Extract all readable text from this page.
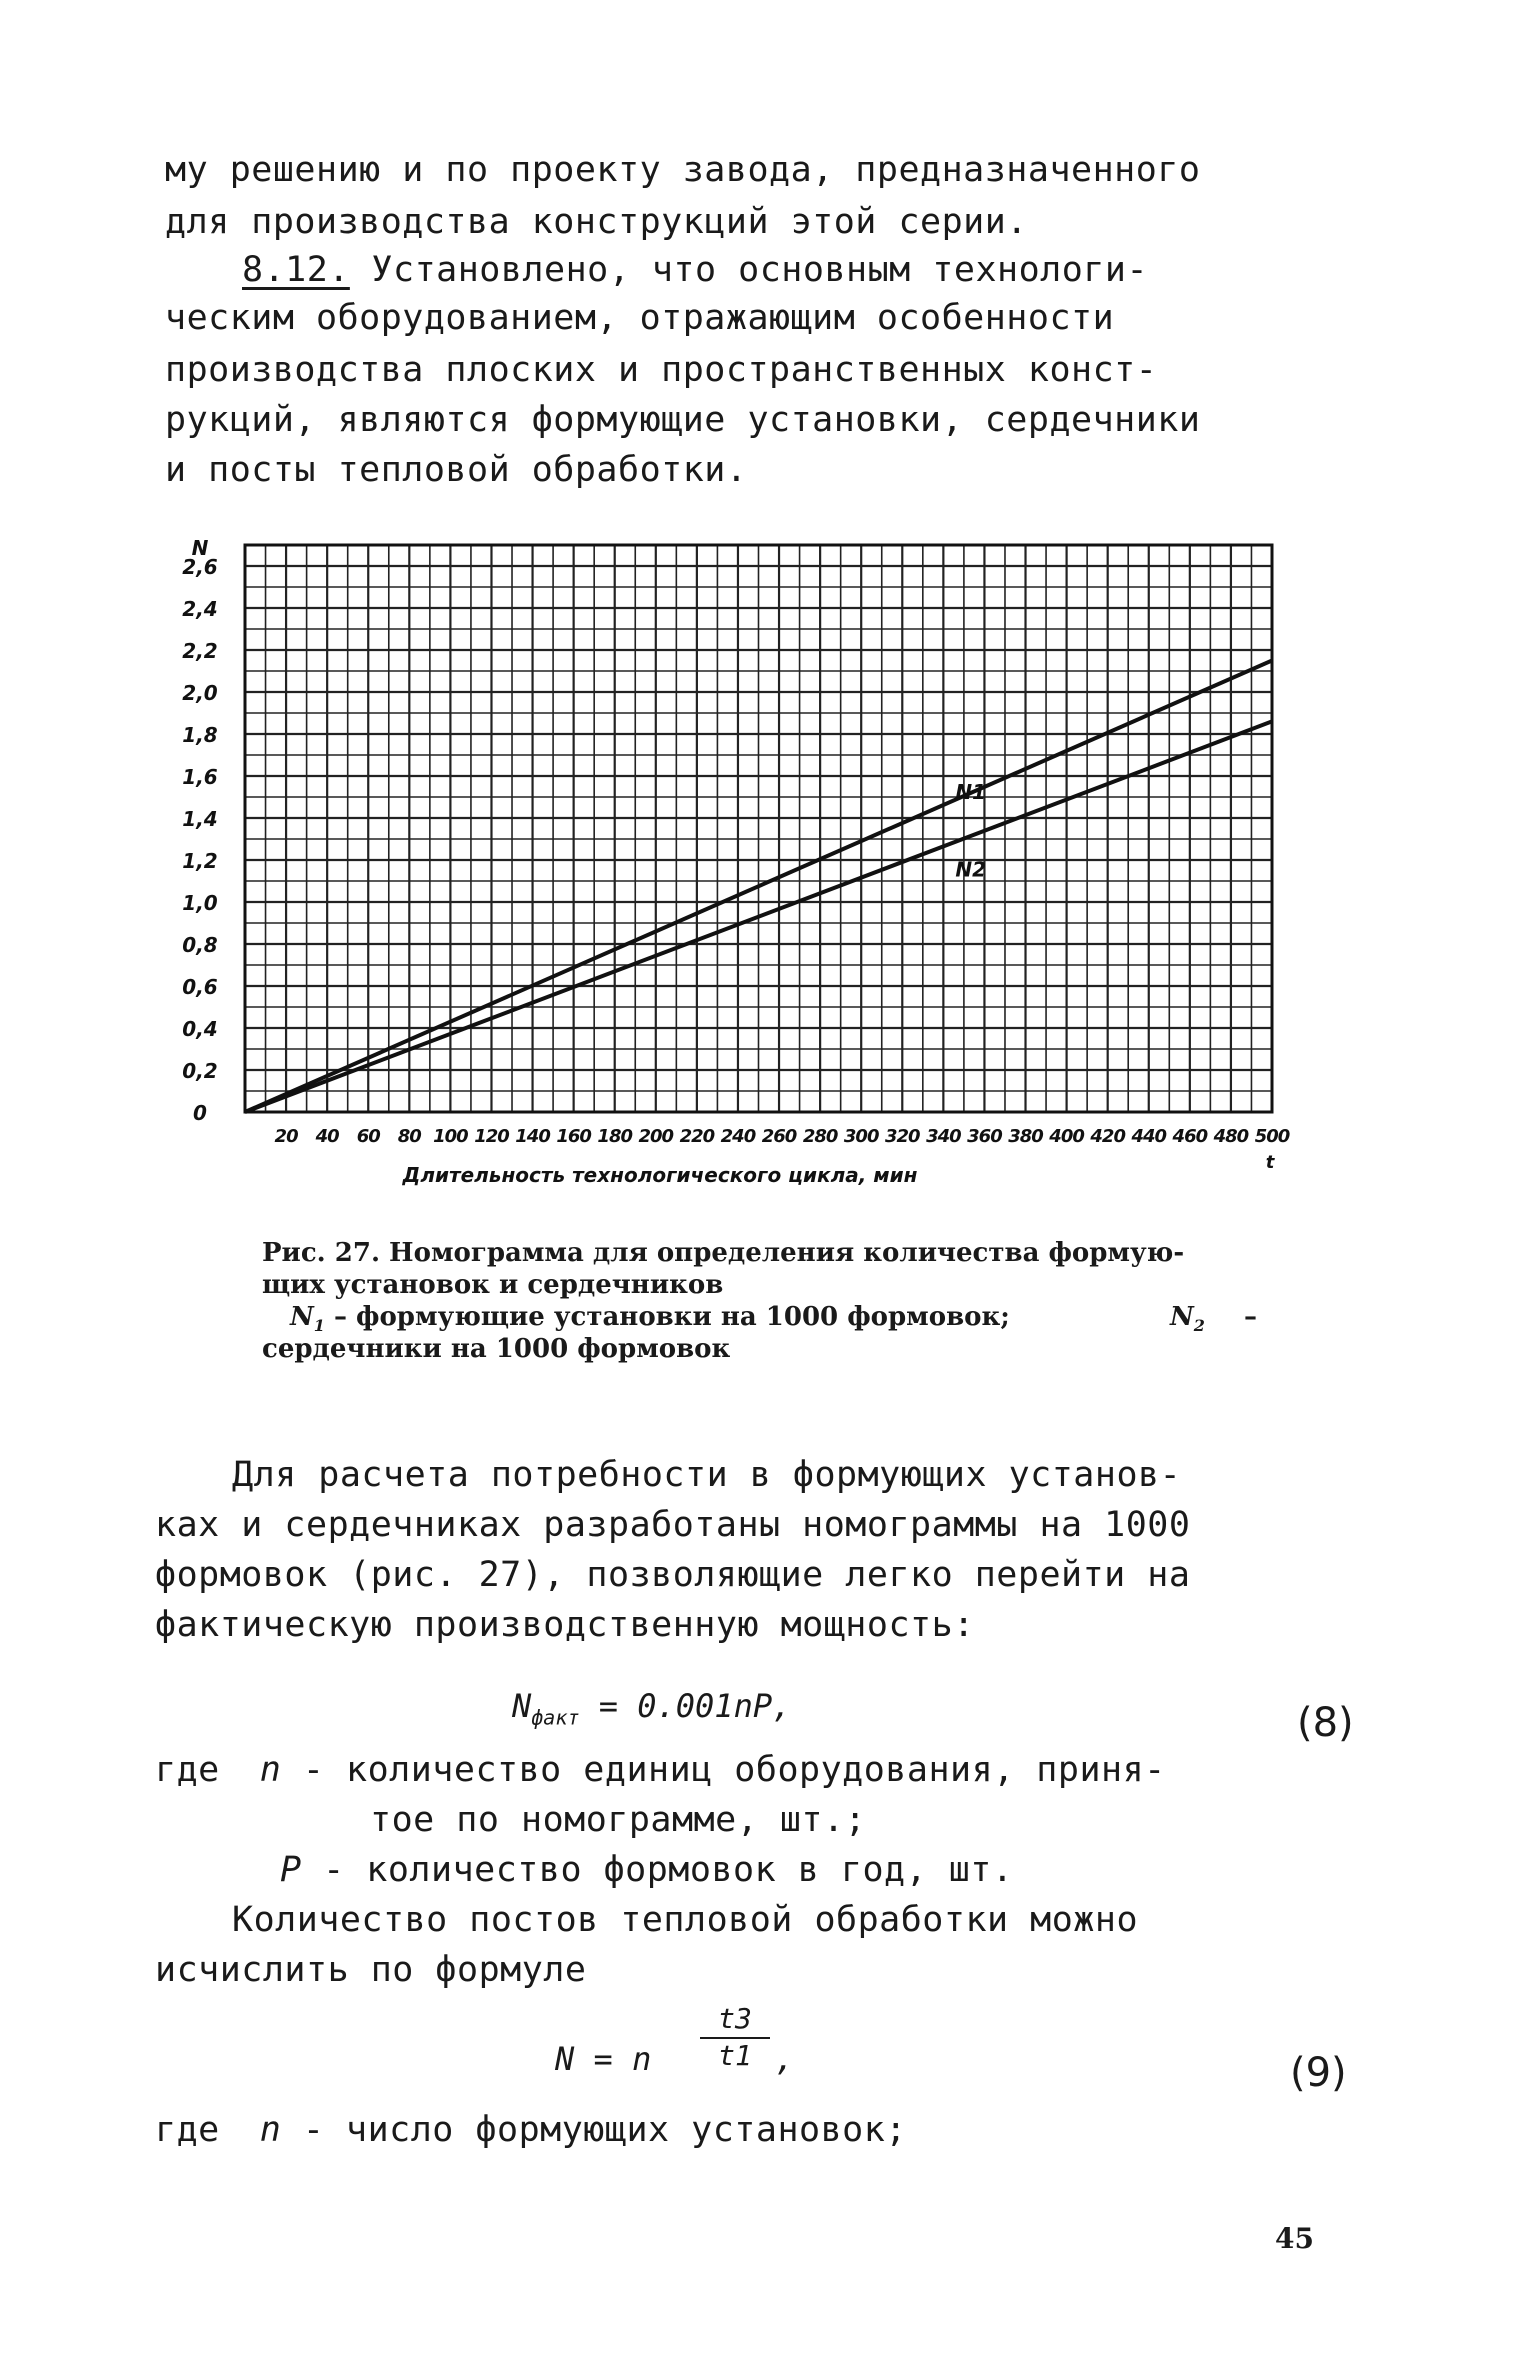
му решению и по проекту завода, предназначенного
для производства конструкций этой серии.
8.12. Установлено, что основным технологи-
ческим оборудованием, отражающим особенности
производства плоских и пространственных конст-
рукций, являются формующие установки, сердечники
и посты тепловой обработки.
0
0,2
0,4
0,6
0,8
1,0
1,2
1,4
1,6
1,8
2,0
2,2
2,4
2,6
N
20 40 60 80 100 120 140 160 180 200 220 240 260 280 300 320 340 360 380 400 420 440 460 480 500
Длительность технологического цикла, мин
t
N1
N2
Рис. 27. Номограмма для определения количества формую-
щих установок и сердечников
$N_1$ – формующие установки на 1000 формовок;	$N_2$ –
сердечники на 1000 формовок
Для расчета потребности в формующих установ-
ках и сердечниках разработаны номограммы на 1000
формовок (рис. 27), позволяющие легко перейти на
фактическую производственную мощность:
$N_{факт} = 0.001nP$,	(8)
где n - количество единиц оборудования, приня-
тое по номограмме, шт.;
P - количество формовок в год, шт.
Количество постов тепловой обработки можно
исчислить по формуле
N = n
t3
t1 ,	(9)
где n - число формующих установок;
45
